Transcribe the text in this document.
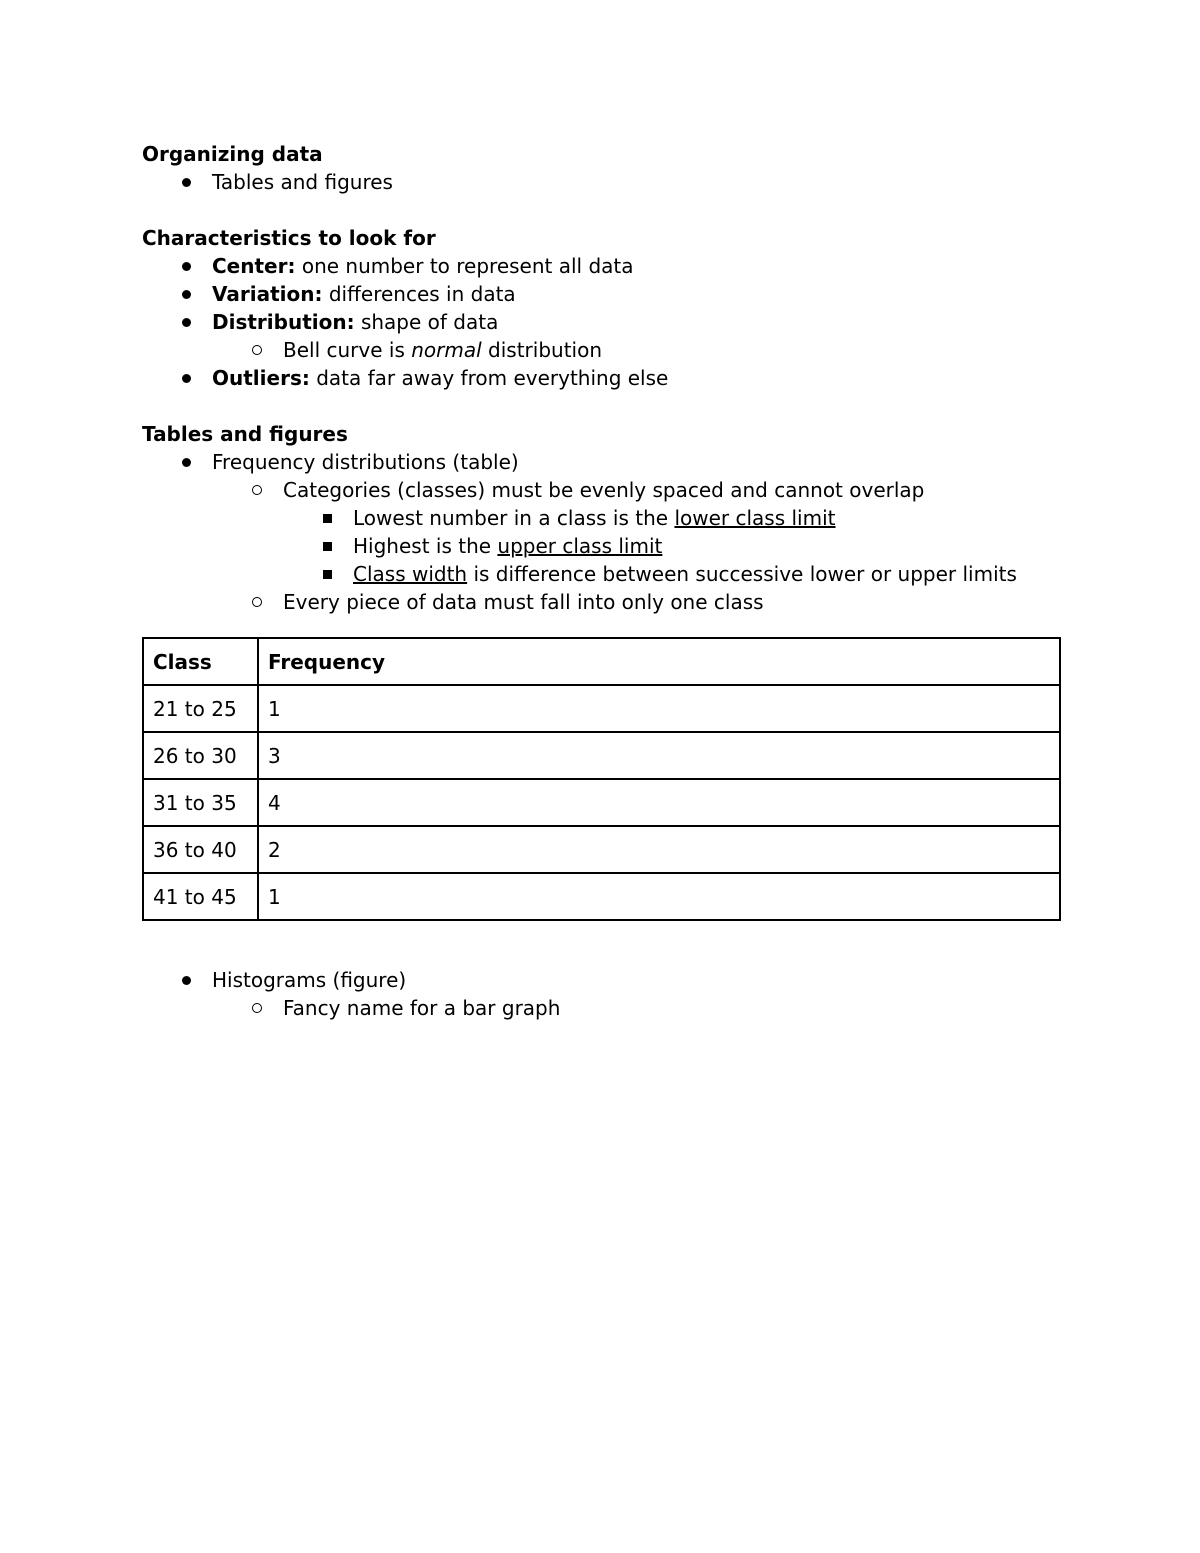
Organizing data

Tables and figures

Characteristics to look for

Center: one number to represent all data
Variation: differences in data
Distribution: shape of data
Bell curve is normal distribution
Outliers: data far away from everything else

Tables and figures

Frequency distributions (table)
Categories (classes) must be evenly spaced and cannot overlap
Lowest number in a class is the lower class limit
Highest is the upper class limit
Class width is difference between successive lower or upper limits
Every piece of data must fall into only one class
Class	Frequency
21 to 25	1
26 to 30	3
31 to 35	4
36 to 40	2
41 to 45	1
Histograms (figure)
Fancy name for a bar graph
